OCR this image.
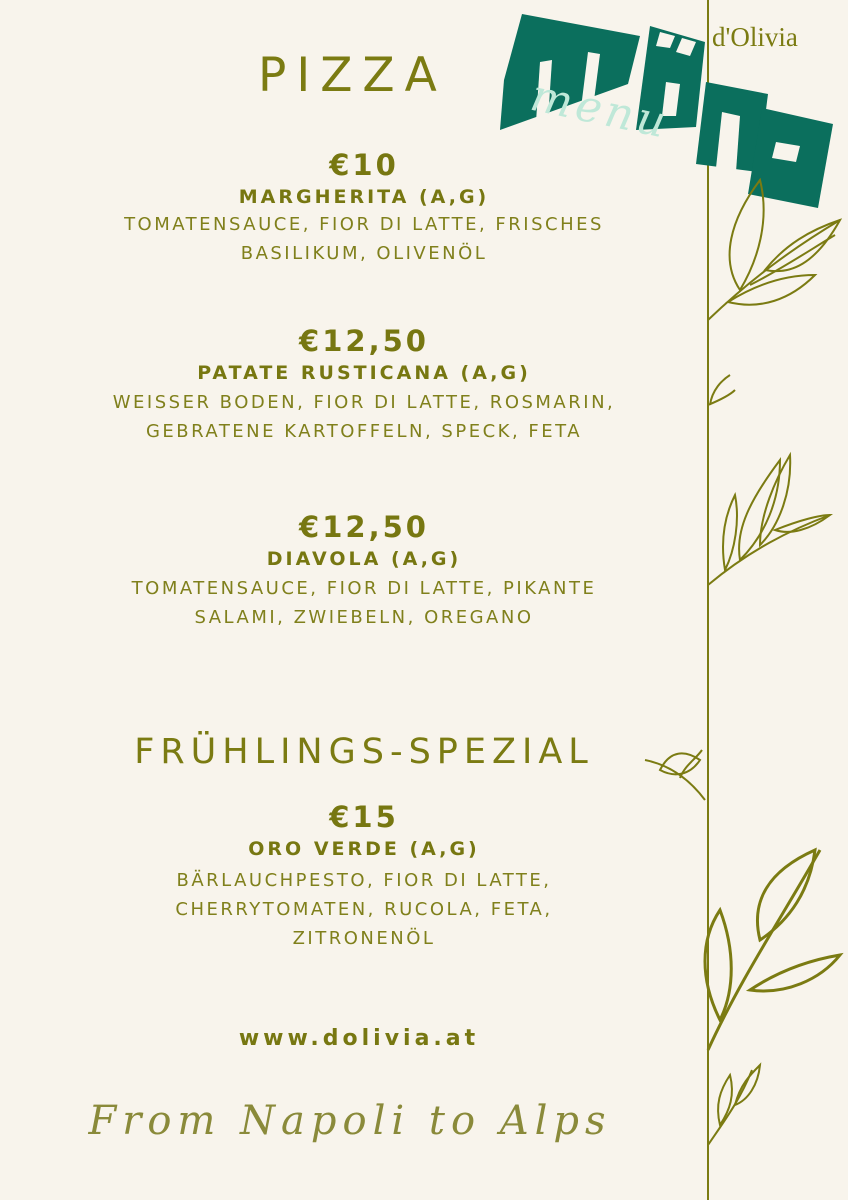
d'Olivia
menu
PIZZA
€10
MARGHERITA (A,G)
TOMATENSAUCE, FIOR DI LATTE, FRISCHES
BASILIKUM, OLIVENÖL
€12,50
PATATE RUSTICANA (A,G)
WEISSER BODEN, FIOR DI LATTE, ROSMARIN,
GEBRATENE KARTOFFELN, SPECK, FETA
€12,50
DIAVOLA (A,G)
TOMATENSAUCE, FIOR DI LATTE, PIKANTE
SALAMI, ZWIEBELN, OREGANO
FRÜHLINGS-SPEZIAL
€15
ORO VERDE (A,G)
BÄRLAUCHPESTO, FIOR DI LATTE,
CHERRYTOMATEN, RUCOLA, FETA,
ZITRONENÖL
www.dolivia.at
From Napoli to Alps
